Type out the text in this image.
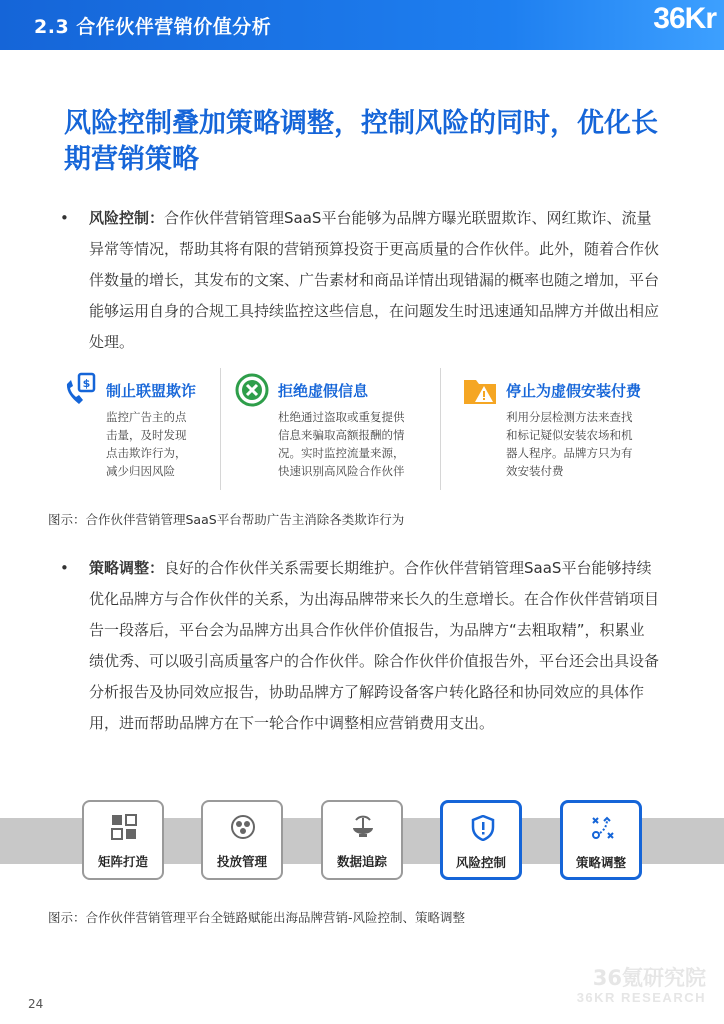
2.3 合作伙伴营销价值分析	36Kr
风险控制叠加策略调整，控制风险的同时，优化长期营销策略
• 风险控制：合作伙伴营销管理SaaS平台能够为品牌方曝光联盟欺诈、网红欺诈、流量异常等情况，帮助其将有限的营销预算投资于更高质量的合作伙伴。此外，随着合作伙伴数量的增长，其发布的文案、广告素材和商品详情出现错漏的概率也随之增加，平台能够运用自身的合规工具持续监控这些信息，在问题发生时迅速通知品牌方并做出相应处理。
$ 制止联盟欺诈
监控广告主的点
击量，及时发现
点击欺诈行为，
减少归因风险
拒绝虚假信息
杜绝通过盗取或重复提供
信息来骗取高额报酬的情
况。实时监控流量来源，
快速识别高风险合作伙伴
停止为虚假安装付费
利用分层检测方法来查找
和标记疑似安装农场和机
器人程序。品牌方只为有
效安装付费
图示：合作伙伴营销管理SaaS平台帮助广告主消除各类欺诈行为
• 策略调整：良好的合作伙伴关系需要长期维护。合作伙伴营销管理SaaS平台能够持续优化品牌方与合作伙伴的关系，为出海品牌带来长久的生意增长。在合作伙伴营销项目告一段落后，平台会为品牌方出具合作伙伴价值报告，为品牌方“去粗取精”，积累业绩优秀、可以吸引高质量客户的合作伙伴。除合作伙伴价值报告外，平台还会出具设备分析报告及协同效应报告，协助品牌方了解跨设备客户转化路径和协同效应的具体作用，进而帮助品牌方在下一轮合作中调整相应营销费用支出。
矩阵打造	投放管理	数据追踪	风险控制	策略调整
图示：合作伙伴营销管理平台全链路赋能出海品牌营销-风险控制、策略调整
36氪研究院
36KR RESEARCH
24
